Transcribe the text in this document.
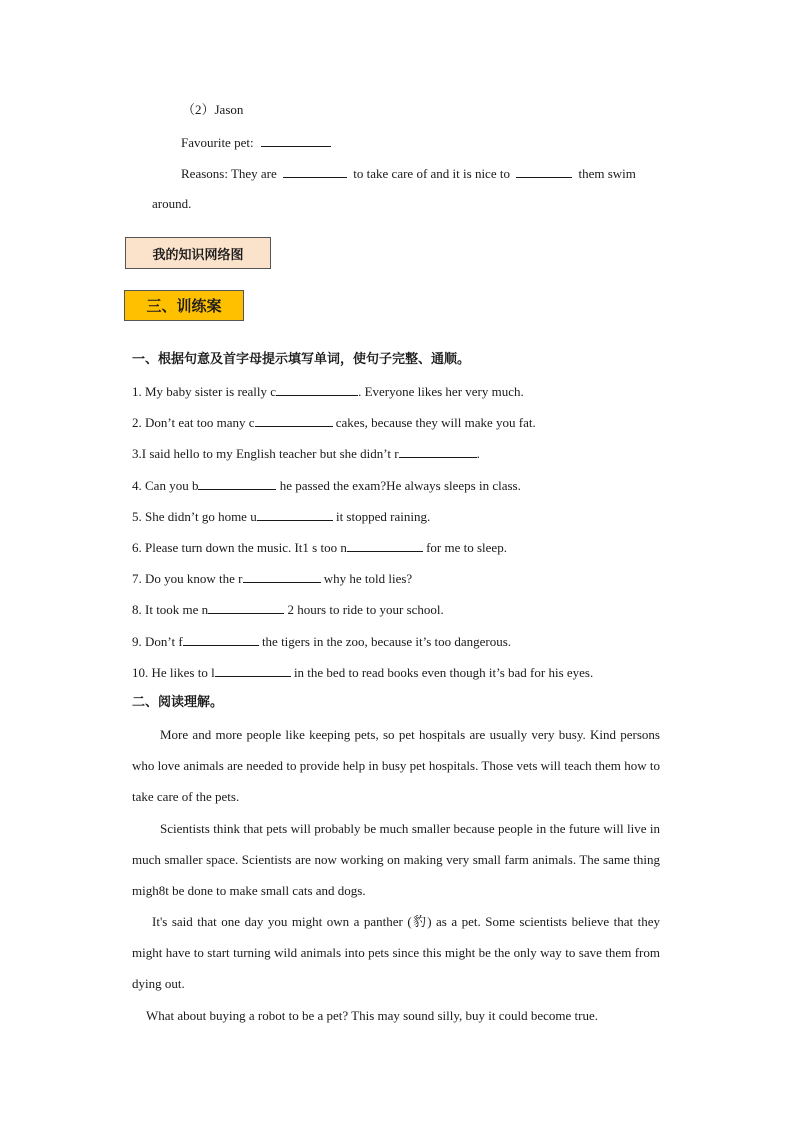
（2）Jason
Favourite pet:
Reasons: They are	to take care of and it is nice to	them swim
around.
我的知识网络图
三、训练案
一、根据句意及首字母提示填写单词，使句子完整、通顺。
1. My baby sister is really c	. Everyone likes her very much.
2. Don’t eat too many c	cakes, because they will make you fat.
3.I said hello to my English teacher but she didn’t r	.
4. Can you b	he passed the exam?He always sleeps in class.
5. She didn’t go home u	it stopped raining.
6. Please turn down the music. It1 s too n	for me to sleep.
7. Do you know the r	why he told lies?
8. It took me n	2 hours to ride to your school.
9. Don’t f	the tigers in the zoo, because it’s too dangerous.
10. He likes to l	in the bed to read books even though it’s bad for his eyes.
二、阅读理解。
More and more people like keeping pets, so pet hospitals are usually very busy. Kind persons who love animals are needed to provide help in busy pet hospitals. Those vets will teach them how to take care of the pets.
Scientists think that pets will probably be much smaller because people in the future will live in much smaller space. Scientists are now working on making very small farm animals. The same thing migh8t be done to make small cats and dogs.
It's said that one day you might own a panther (豹) as a pet. Some scientists believe that they might have to start turning wild animals into pets since this might be the only way to save them from dying out.
What about buying a robot to be a pet? This may sound silly, buy it could become true.
